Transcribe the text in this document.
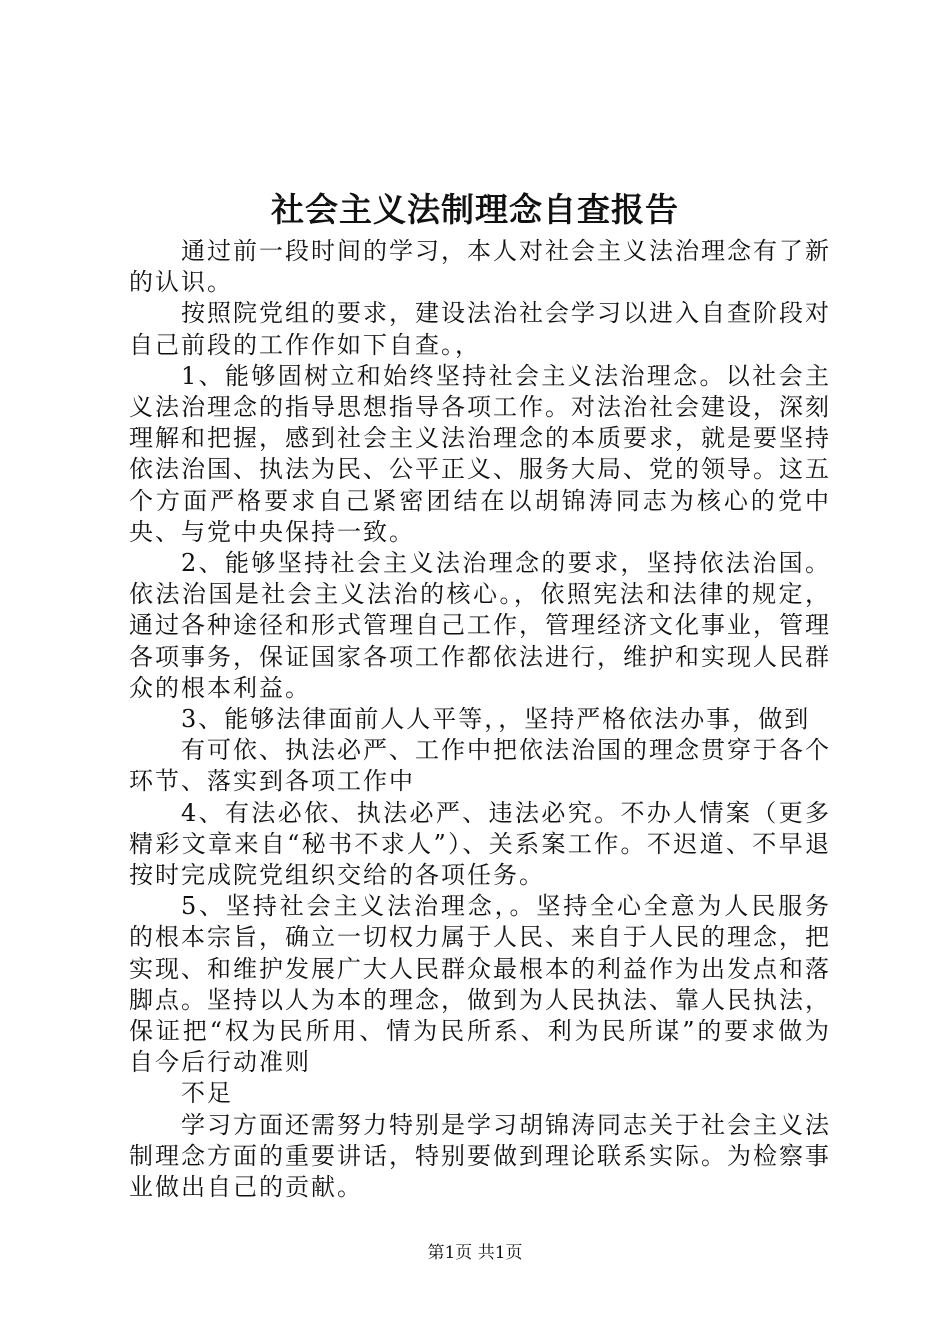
社会主义法制理念自查报告

通过前一段时间的学习，本人对社会主义法治理念有了新的认识。

按照院党组的要求，建设法治社会学习以进入自查阶段对自己前段的工作作如下自查。，

1、能够固树立和始终坚持社会主义法治理念。以社会主义法治理念的指导思想指导各项工作。对法治社会建设，深刻理解和把握，感到社会主义法治理念的本质要求，就是要坚持依法治国、执法为民、公平正义、服务大局、党的领导。这五个方面严格要求自己紧密团结在以胡锦涛同志为核心的党中央、与党中央保持一致。

2、能够坚持社会主义法治理念的要求，坚持依法治国。依法治国是社会主义法治的核心。，依照宪法和法律的规定，通过各种途径和形式管理自己工作，管理经济文化事业，管理各项事务，保证国家各项工作都依法进行，维护和实现人民群众的根本利益。

3、能够法律面前人人平等，，坚持严格依法办事，做到

有可依、执法必严、工作中把依法治国的理念贯穿于各个环节、落实到各项工作中

4、有法必依、执法必严、违法必究。不办人情案（更多精彩文章来自“秘书不求人”）、关系案工作。不迟道、不早退按时完成院党组织交给的各项任务。

5、坚持社会主义法治理念，。坚持全心全意为人民服务的根本宗旨，确立一切权力属于人民、来自于人民的理念，把实现、和维护发展广大人民群众最根本的利益作为出发点和落脚点。坚持以人为本的理念，做到为人民执法、靠人民执法，保证把“权为民所用、情为民所系、利为民所谋”的要求做为自今后行动准则

不足

学习方面还需努力特别是学习胡锦涛同志关于社会主义法制理念方面的重要讲话，特别要做到理论联系实际。为检察事业做出自己的贡献。

第1页 共1页
